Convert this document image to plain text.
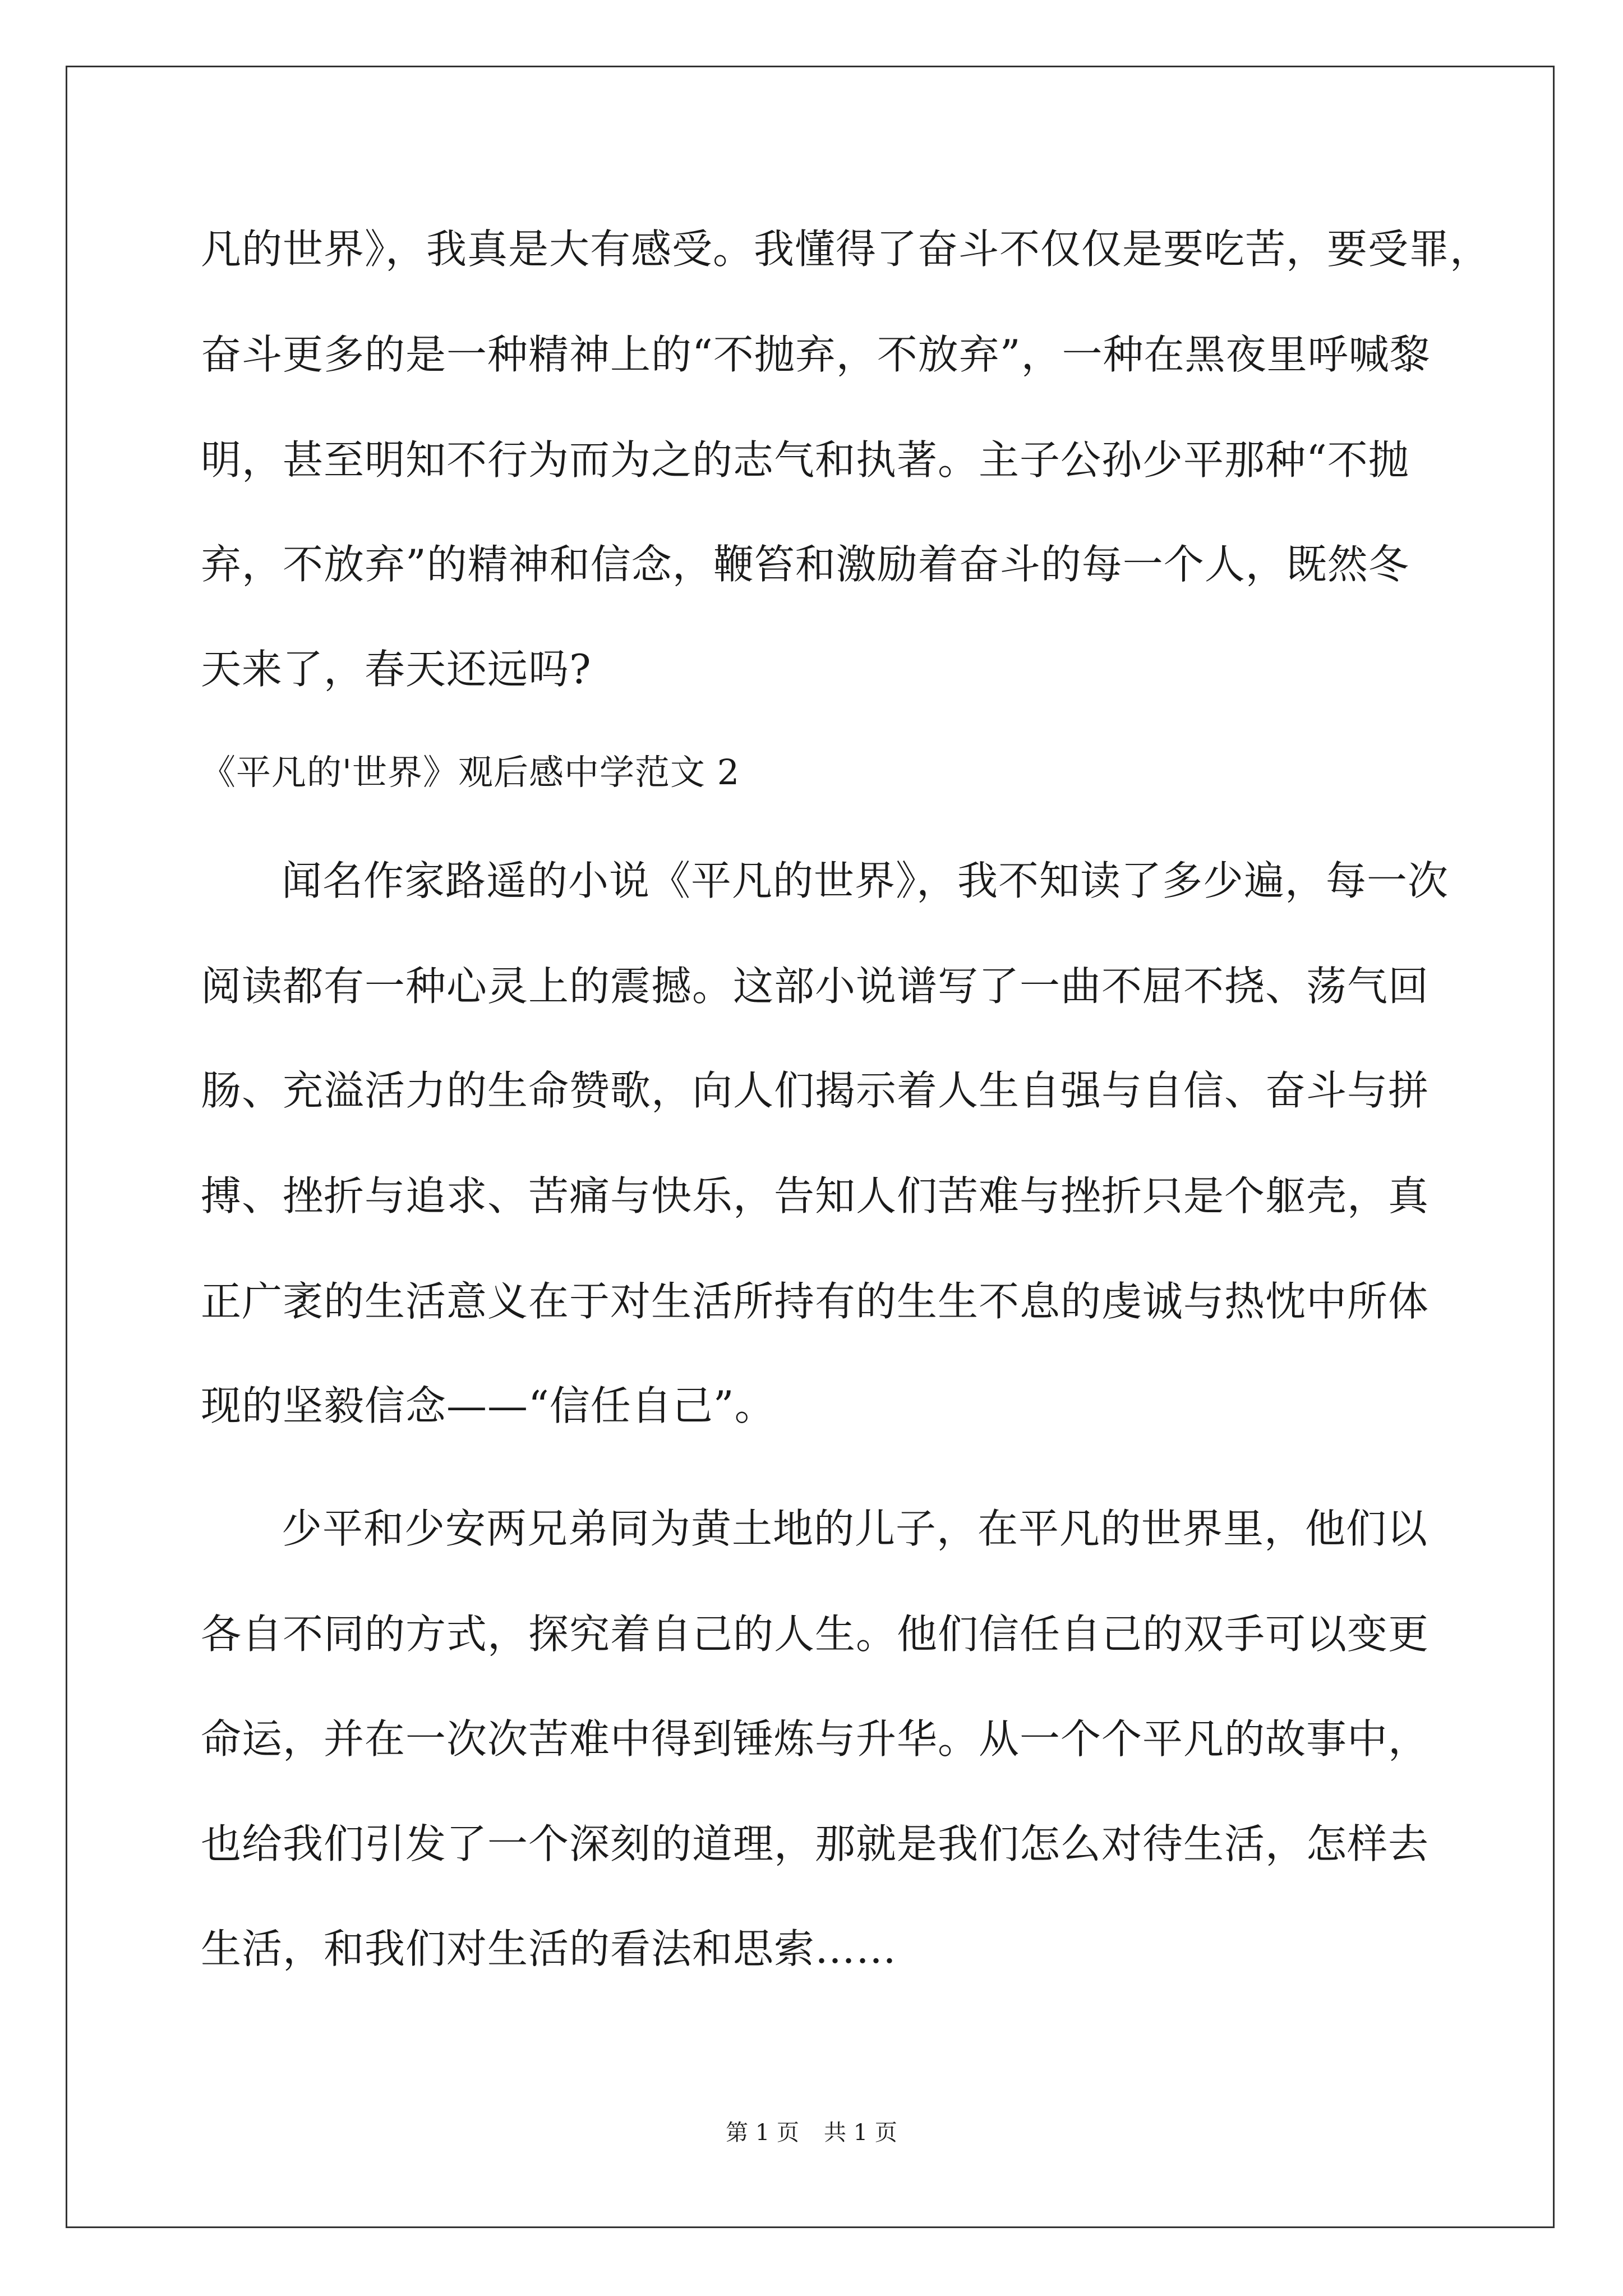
凡的世界》，我真是大有感受。我懂得了奋斗不仅仅是要吃苦，要受罪，
奋斗更多的是一种精神上的“不抛弃，不放弃”，一种在黑夜里呼喊黎
明，甚至明知不行为而为之的志气和执著。主子公孙少平那种“不抛
弃，不放弃”的精神和信念，鞭笞和激励着奋斗的每一个人，既然冬
天来了，春天还远吗?
《平凡的'世界》观后感中学范文 2
闻名作家路遥的小说《平凡的世界》，我不知读了多少遍，每一次
阅读都有一种心灵上的震撼。这部小说谱写了一曲不屈不挠、荡气回
肠、充溢活力的生命赞歌，向人们揭示着人生自强与自信、奋斗与拼
搏、挫折与追求、苦痛与快乐，告知人们苦难与挫折只是个躯壳，真
正广袤的生活意义在于对生活所持有的生生不息的虔诚与热忱中所体
现的坚毅信念——“信任自己”。
少平和少安两兄弟同为黄土地的儿子，在平凡的世界里，他们以
各自不同的方式，探究着自己的人生。他们信任自己的双手可以变更
命运，并在一次次苦难中得到锤炼与升华。从一个个平凡的故事中，
也给我们引发了一个深刻的道理，那就是我们怎么对待生活，怎样去
生活，和我们对生活的看法和思索……
第 1 页 共 1 页
